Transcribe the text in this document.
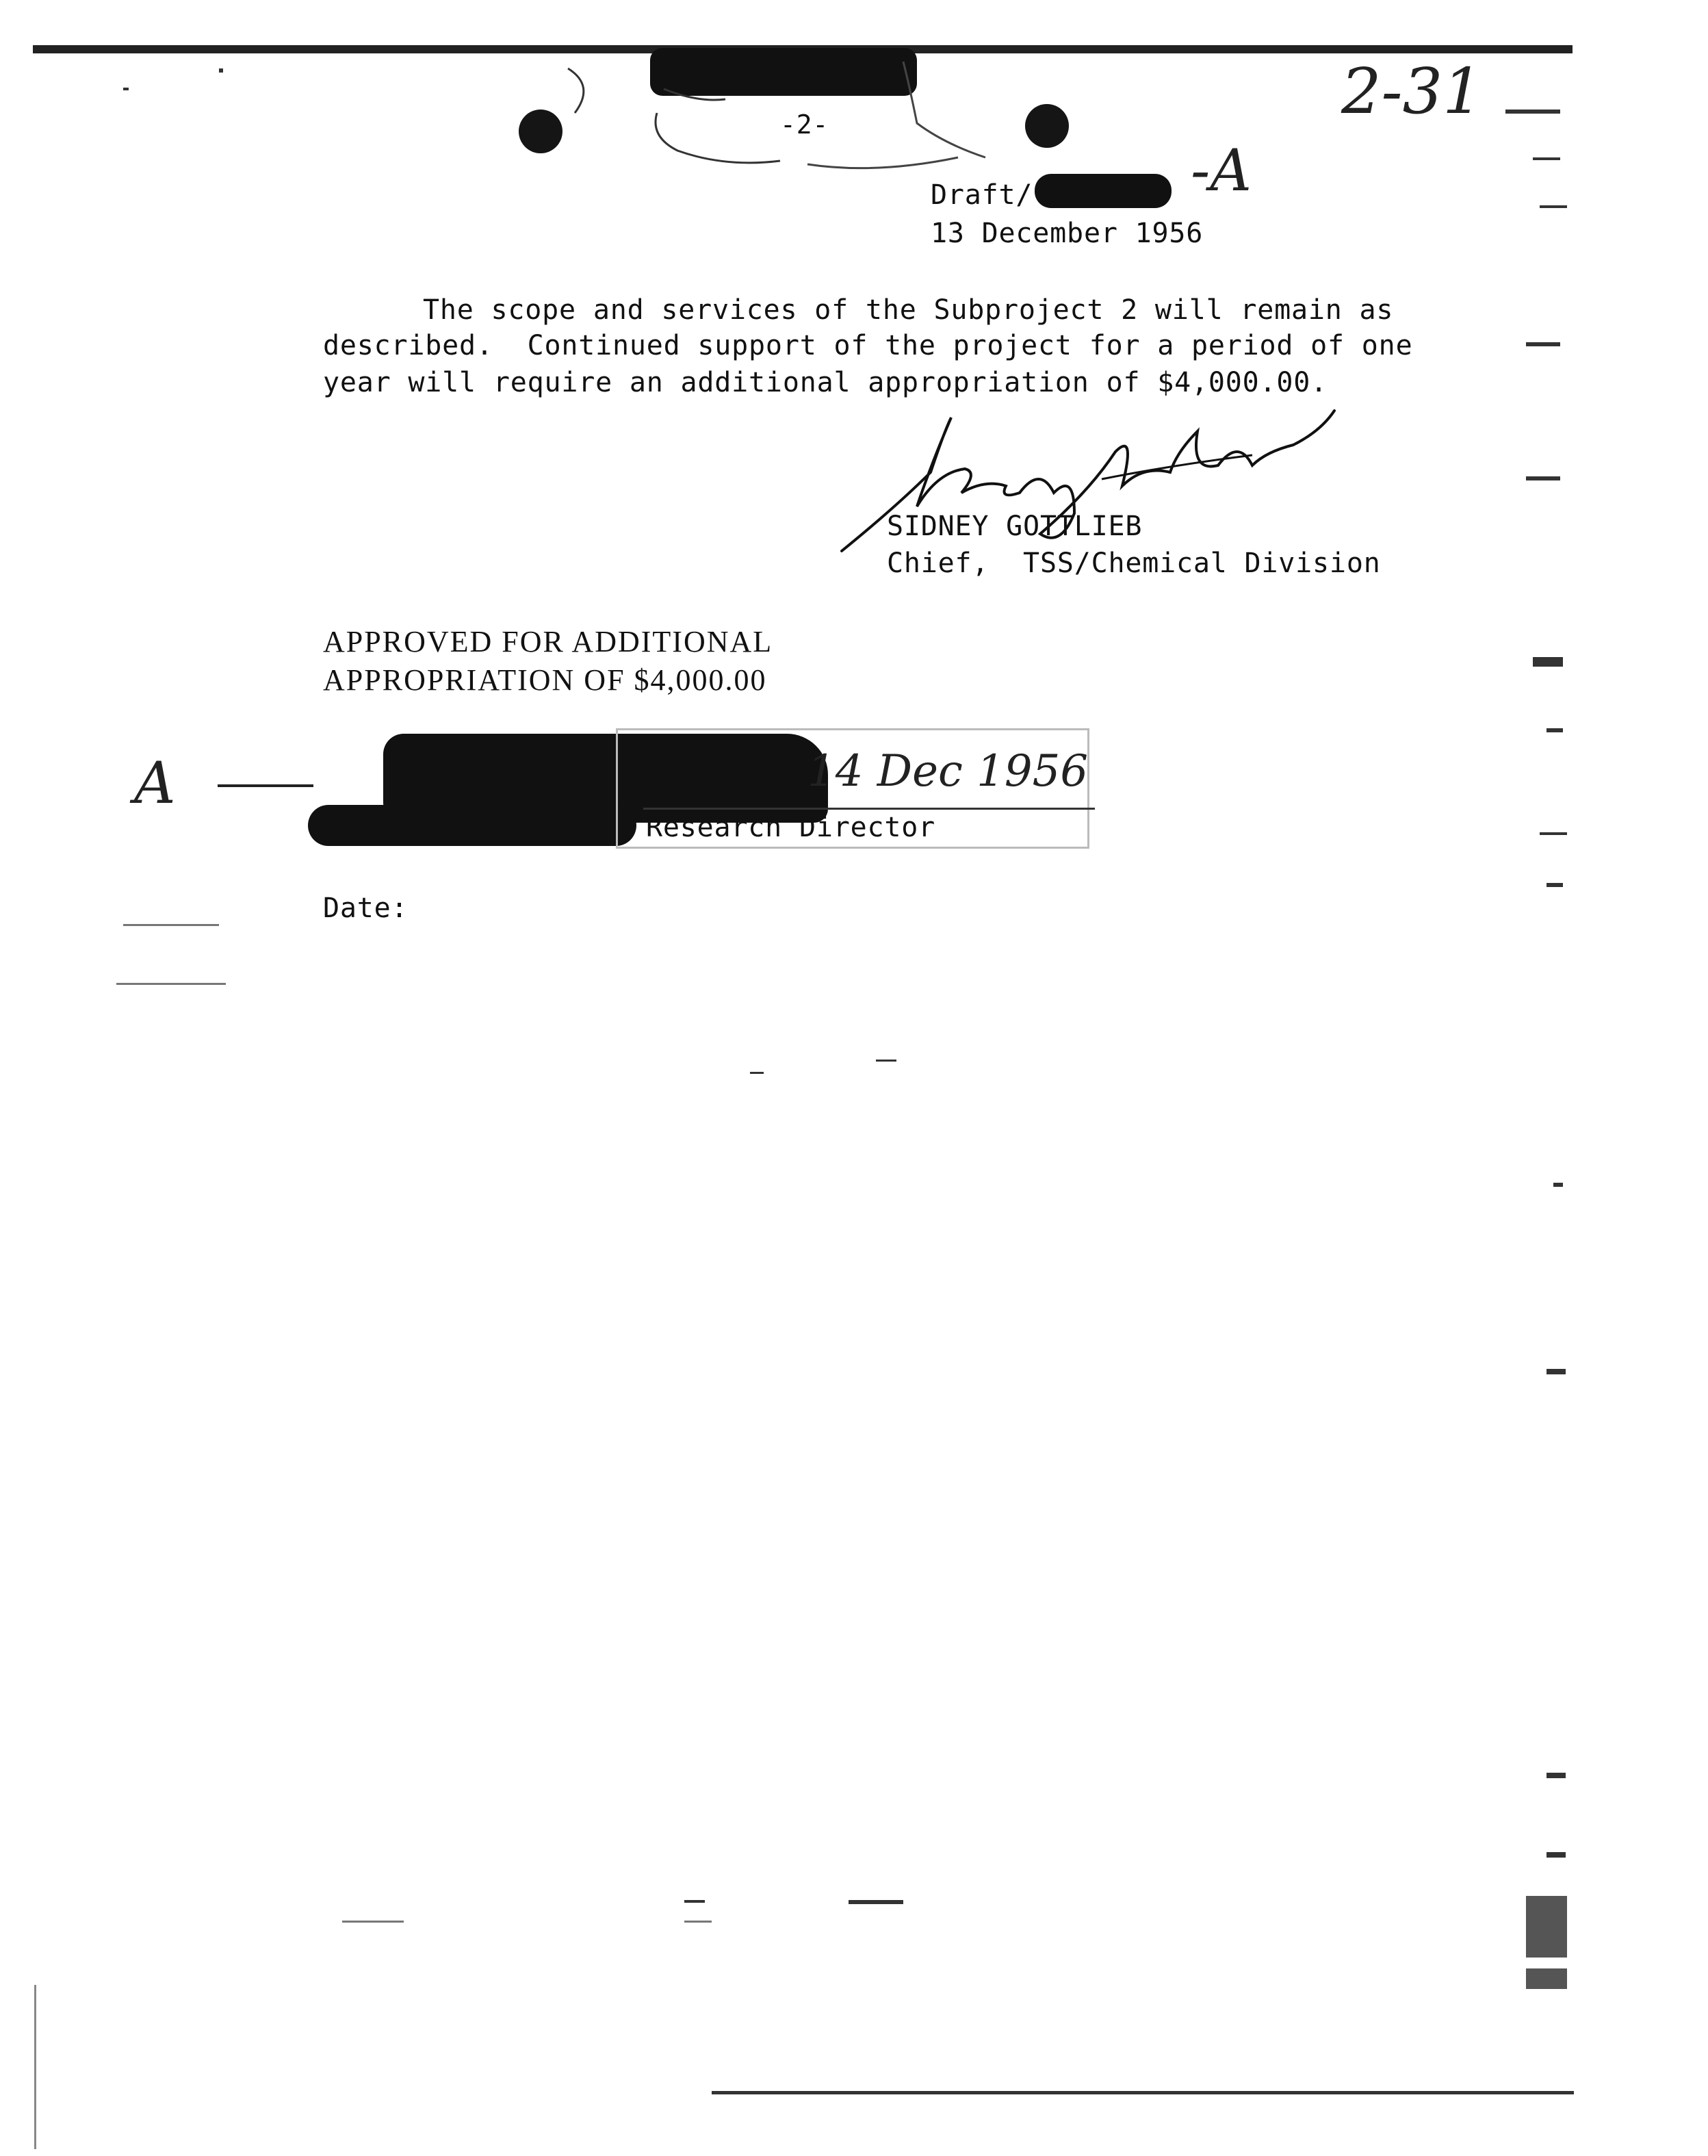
-2-	2-31
Draft/	-A
13 December 1956
The scope and services of the Subproject 2 will remain as
described.  Continued support of the project for a period of one
year will require an additional appropriation of $4,000.00.
SIDNEY GOTTLIEB
Chief,  TSS/Chemical Division
APPROVED FOR ADDITIONAL
APPROPRIATION OF $4,000.00
A	14 Dec 1956
Research Director
Date:
